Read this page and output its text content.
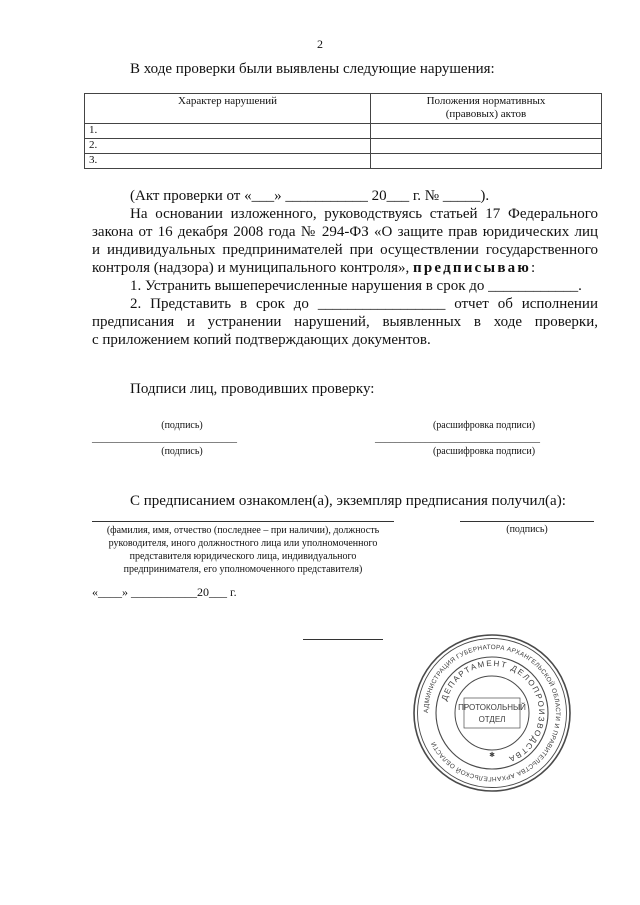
2
В ходе проверки были выявлены следующие нарушения:
Характер нарушений	Положения нормативных (правовых) актов
1.	
2.	
3.	
(Акт проверки от «___» ___________ 20___ г. № _____).
На основании изложенного, руководствуясь статьей 17 Федерального
закона от 16 декабря 2008 года № 294-ФЗ «О защите прав юридических лиц
и индивидуальных предпринимателей при осуществлении государственного
контроля (надзора) и муниципального контроля», предписываю:
1. Устранить вышеперечисленные нарушения в срок до ____________.
2. Представить в срок до _________________ отчет об исполнении
предписания и устранении нарушений, выявленных в ходе проверки,
с приложением копий подтверждающих документов.
Подписи лиц, проводивших проверку:
(подпись)	(расшифровка подписи)
_____________________________	_________________________________
(подпись)	(расшифровка подписи)
С предписанием ознакомлен(а), экземпляр предписания получил(а):
(фамилия, имя, отчество (последнее – при наличии), должность
руководителя, иного должностного лица или уполномоченного
представителя юридического лица, индивидуального
предпринимателя, его уполномоченного представителя)
(подпись)
«____» ___________20___ г.
АДМИНИСТРАЦИЯ ГУБЕРНАТОРА АРХАНГЕЛЬСКОЙ ОБЛАСТИ И ПРАВИТЕЛЬСТВА АРХАНГЕЛЬСКОЙ ОБЛАСТИ
ДЕПАРТАМЕНТ ДЕЛОПРОИЗВОДСТВА
ПРОТОКОЛЬНЫЙ
ОТДЕЛ
✱
